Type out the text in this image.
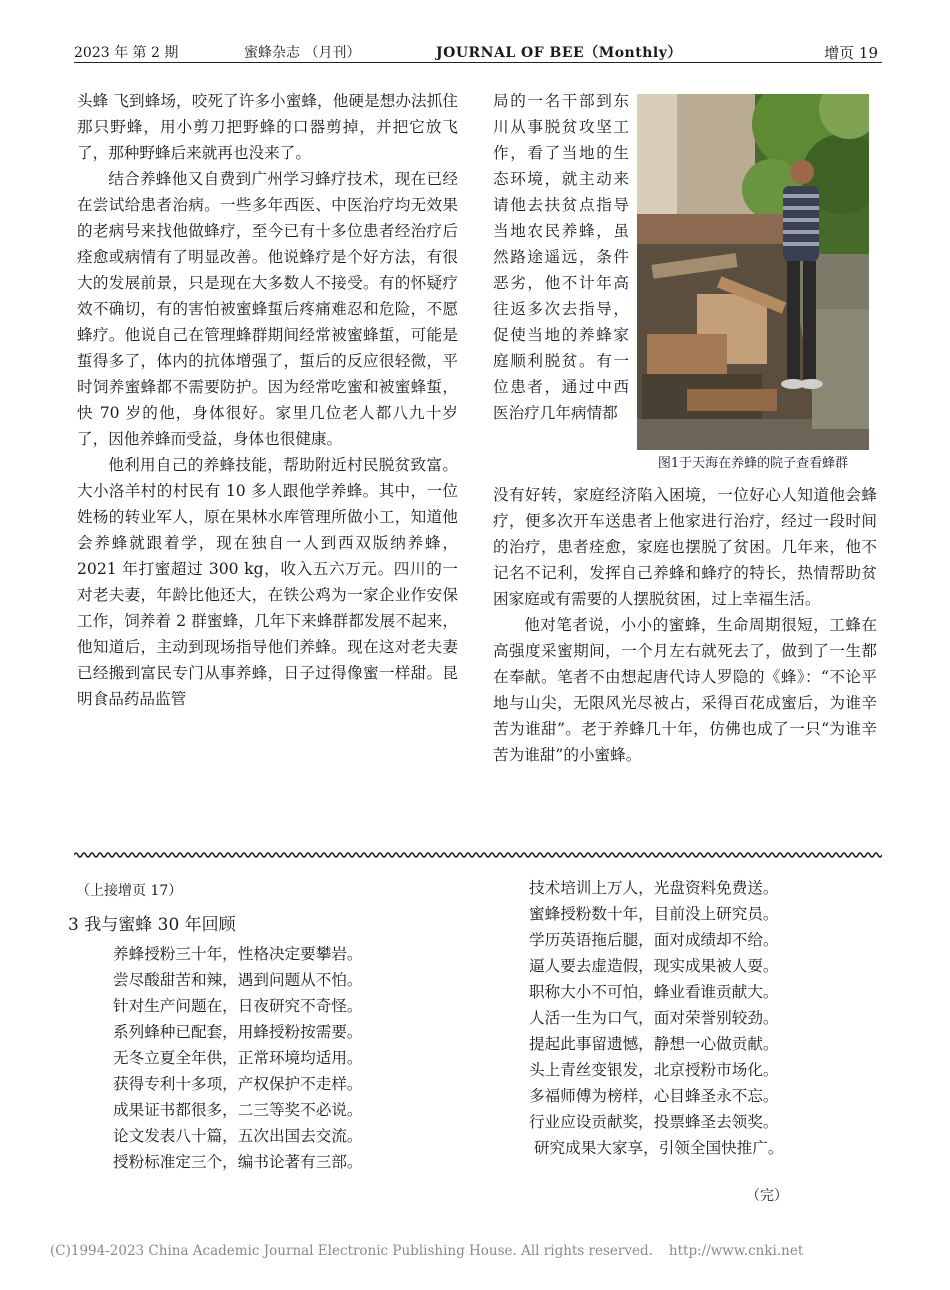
2023 年 第 2 期	蜜蜂杂志 （月刊）	JOURNAL OF BEE（Monthly）	增页 19

头蜂 飞到蜂场，咬死了许多小蜜蜂，他硬是想办法抓住那只野蜂，用小剪刀把野蜂的口器剪掉，并把它放飞了，那种野蜂后来就再也没来了。

结合养蜂他又自费到广州学习蜂疗技术，现在已经在尝试给患者治病。一些多年西医、中医治疗均无效果的老病号来找他做蜂疗，至今已有十多位患者经治疗后痊愈或病情有了明显改善。他说蜂疗是个好方法，有很大的发展前景，只是现在大多数人不接受。有的怀疑疗效不确切，有的害怕被蜜蜂蜇后疼痛难忍和危险，不愿蜂疗。他说自己在管理蜂群期间经常被蜜蜂蜇，可能是蜇得多了，体内的抗体增强了，蜇后的反应很轻微，平时饲养蜜蜂都不需要防护。因为经常吃蜜和被蜜蜂蜇，快 70 岁的他，身体很好。家里几位老人都八九十岁了，因他养蜂而受益，身体也很健康。

他利用自己的养蜂技能，帮助附近村民脱贫致富。大小洛羊村的村民有 10 多人跟他学养蜂。其中，一位姓杨的转业军人，原在果林水库管理所做小工，知道他会养蜂就跟着学，现在独自一人到西双版纳养蜂，2021 年打蜜超过 300 kg，收入五六万元。四川的一对老夫妻，年龄比他还大，在铁公鸡为一家企业作安保工作，饲养着 2 群蜜蜂，几年下来蜂群都发展不起来，他知道后，主动到现场指导他们养蜂。现在这对老夫妻已经搬到富民专门从事养蜂，日子过得像蜜一样甜。昆明食品药品监管

局的一名干部到东川从事脱贫攻坚工作，看了当地的生态环境，就主动来请他去扶贫点指导当地农民养蜂，虽然路途遥远，条件恶劣，他不计年高往返多次去指导，促使当地的养蜂家庭顺利脱贫。有一位患者，通过中西医治疗几年病情都

图1于天海在养蜂的院子查看蜂群

没有好转，家庭经济陷入困境，一位好心人知道他会蜂疗，便多次开车送患者上他家进行治疗，经过一段时间的治疗，患者痊愈，家庭也摆脱了贫困。几年来，他不记名不记利，发挥自己养蜂和蜂疗的特长，热情帮助贫困家庭或有需要的人摆脱贫困，过上幸福生活。

他对笔者说，小小的蜜蜂，生命周期很短，工蜂在高强度采蜜期间，一个月左右就死去了，做到了一生都在奉献。笔者不由想起唐代诗人罗隐的《蜂》：“不论平地与山尖，无限风光尽被占，采得百花成蜜后，为谁辛苦为谁甜”。老于养蜂几十年，仿佛也成了一只“为谁辛苦为谁甜”的小蜜蜂。

（上接增页 17）
3 我与蜜蜂 30 年回顾
养蜂授粉三十年，性格决定要攀岩。
尝尽酸甜苦和辣，遇到问题从不怕。
针对生产问题在，日夜研究不奇怪。
系列蜂种已配套，用蜂授粉按需要。
无冬立夏全年供，正常环境均适用。
获得专利十多项，产权保护不走样。
成果证书都很多，二三等奖不必说。
论文发表八十篇，五次出国去交流。
授粉标准定三个，编书论著有三部。
技术培训上万人，光盘资料免费送。
蜜蜂授粉数十年，目前没上研究员。
学历英语拖后腿，面对成绩却不给。
逼人要去虚造假，现实成果被人耍。
职称大小不可怕，蜂业看谁贡献大。
人活一生为口气，面对荣誉别较劲。
提起此事留遗憾，静想一心做贡献。
头上青丝变银发，北京授粉市场化。
多福师傅为榜样，心目蜂圣永不忘。
行业应设贡献奖，投票蜂圣去领奖。
研究成果大家享，引领全国快推广。
（完）
(C)1994-2023 China Academic Journal Electronic Publishing House. All rights reserved. http://www.cnki.net
